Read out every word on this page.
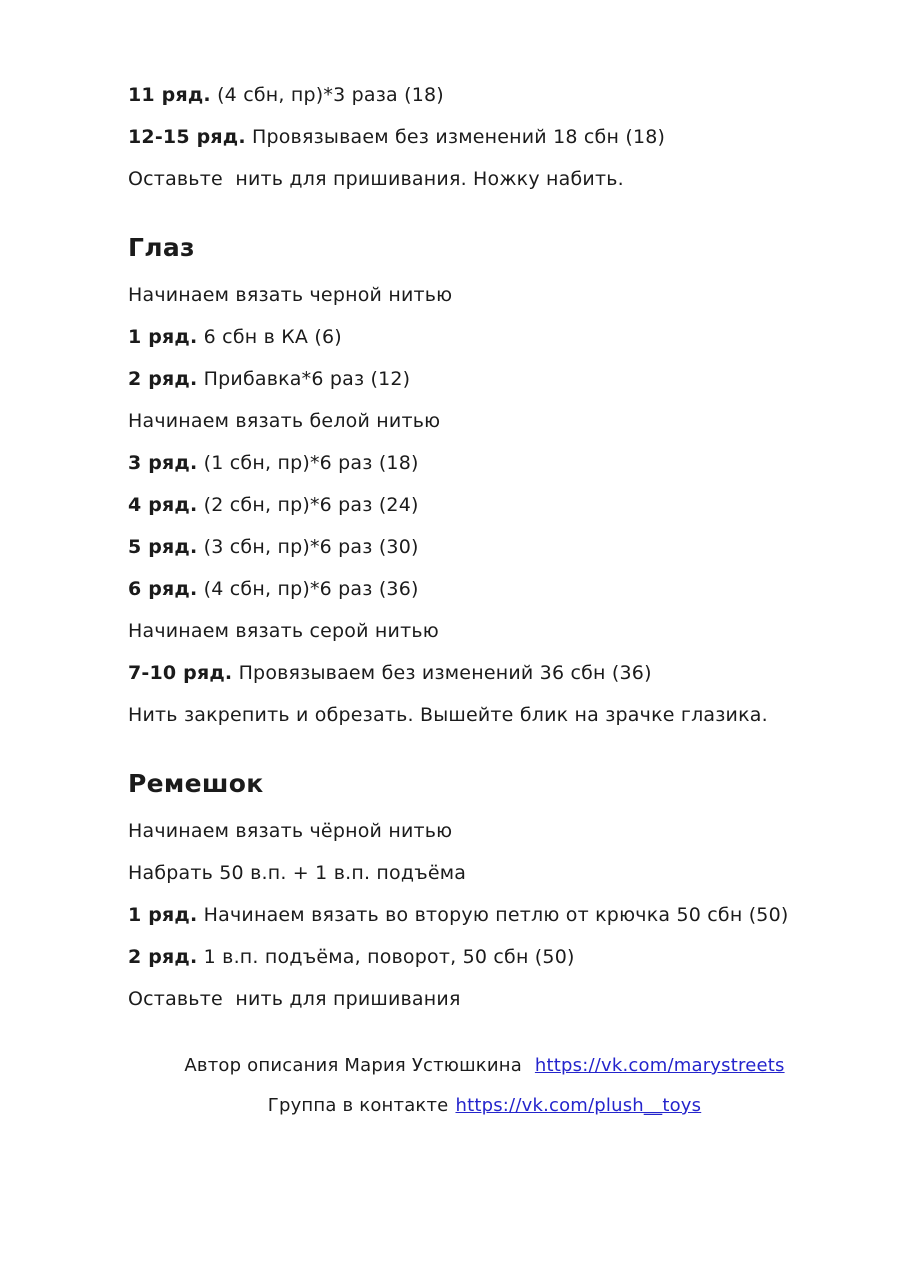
11 ряд. (4 сбн, пр)*3 раза (18)

12-15 ряд. Провязываем без изменений 18 сбн (18)

Оставьте  нить для пришивания. Ножку набить.

Глаз

Начинаем вязать черной нитью

1 ряд. 6 сбн в КА (6)

2 ряд. Прибавка*6 раз (12)

Начинаем вязать белой нитью

3 ряд. (1 сбн, пр)*6 раз (18)

4 ряд. (2 сбн, пр)*6 раз (24)

5 ряд. (3 сбн, пр)*6 раз (30)

6 ряд. (4 сбн, пр)*6 раз (36)

Начинаем вязать серой нитью

7-10 ряд. Провязываем без изменений 36 сбн (36)

Нить закрепить и обрезать. Вышейте блик на зрачке глазика.

Ремешок

Начинаем вязать чёрной нитью

Набрать 50 в.п. + 1 в.п. подъёма

1 ряд. Начинаем вязать во вторую петлю от крючка 50 сбн (50)

2 ряд. 1 в.п. подъёма, поворот, 50 сбн (50)

Оставьте  нить для пришивания

Автор описания Мария Устюшкина https://vk.com/marystreets

Группа в контакте https://vk.com/plush__toys
